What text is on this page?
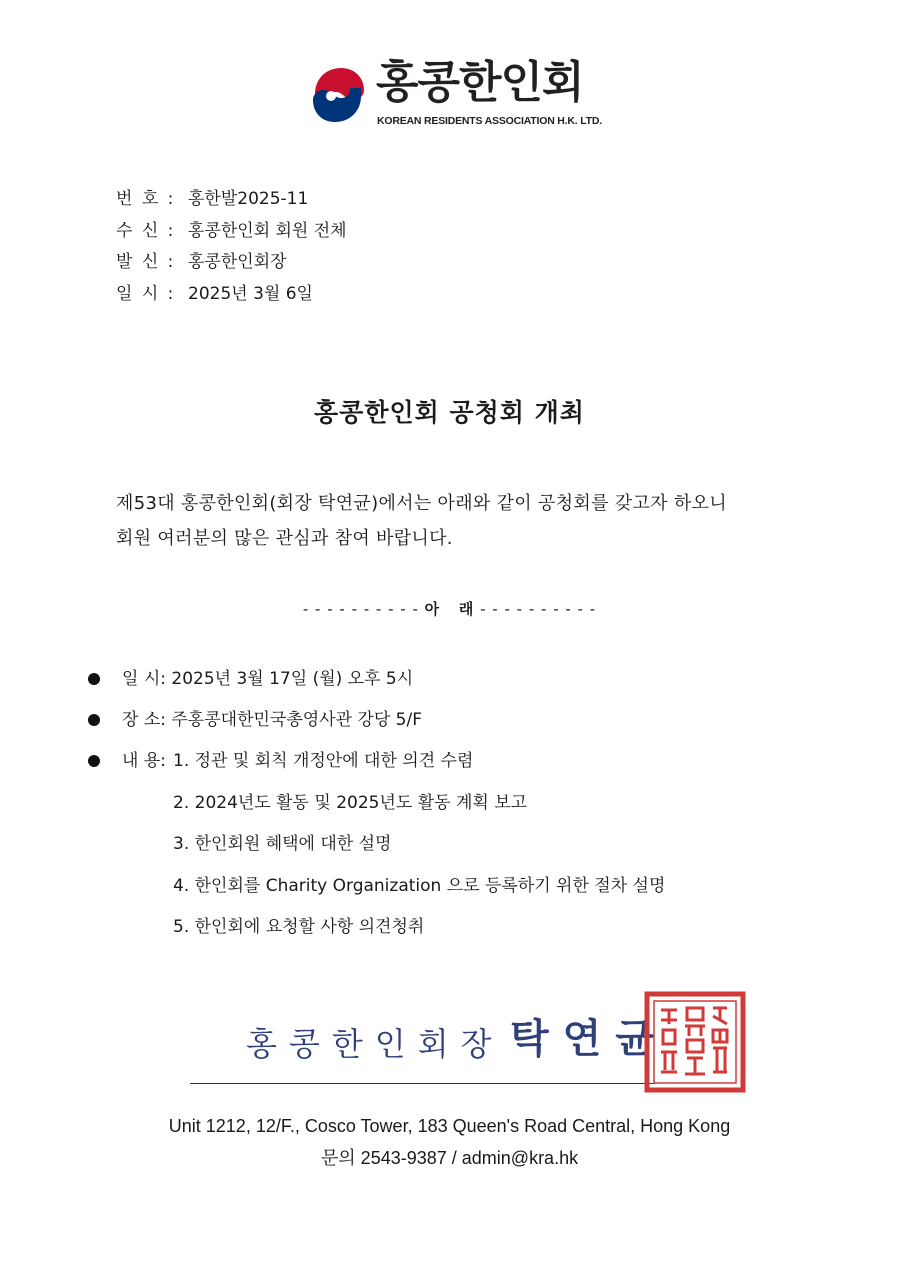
홍콩한인회
KOREAN RESIDENTS ASSOCIATION H.K. LTD.
번 호 : 홍한발2025-11
수 신 : 홍콩한인회 회원 전체
발 신 : 홍콩한인회장
일 시 : 2025년 3월 6일
홍콩한인회 공청회 개최
제53대 홍콩한인회(회장 탁연균)에서는 아래와 같이 공청회를 갖고자 하오니
회원 여러분의 많은 관심과 참여 바랍니다.
- - - - - - - - - - 아   래 - - - - - - - - - -
일 시: 2025년 3월 17일 (월) 오후 5시
장 소: 주홍콩대한민국총영사관 강당 5/F
내 용: 1. 정관 및 회칙 개정안에 대한 의견 수렴
2. 2024년도 활동 및 2025년도 활동 계획 보고
3. 한인회원 혜택에 대한 설명
4. 한인회를 Charity Organization 으로 등록하기 위한 절차 설명
5. 한인회에 요청할 사항 의견청취
홍콩한인회장 탁연균
Unit 1212, 12/F., Cosco Tower, 183 Queen's Road Central, Hong Kong
문의 2543-9387 / admin@kra.hk
